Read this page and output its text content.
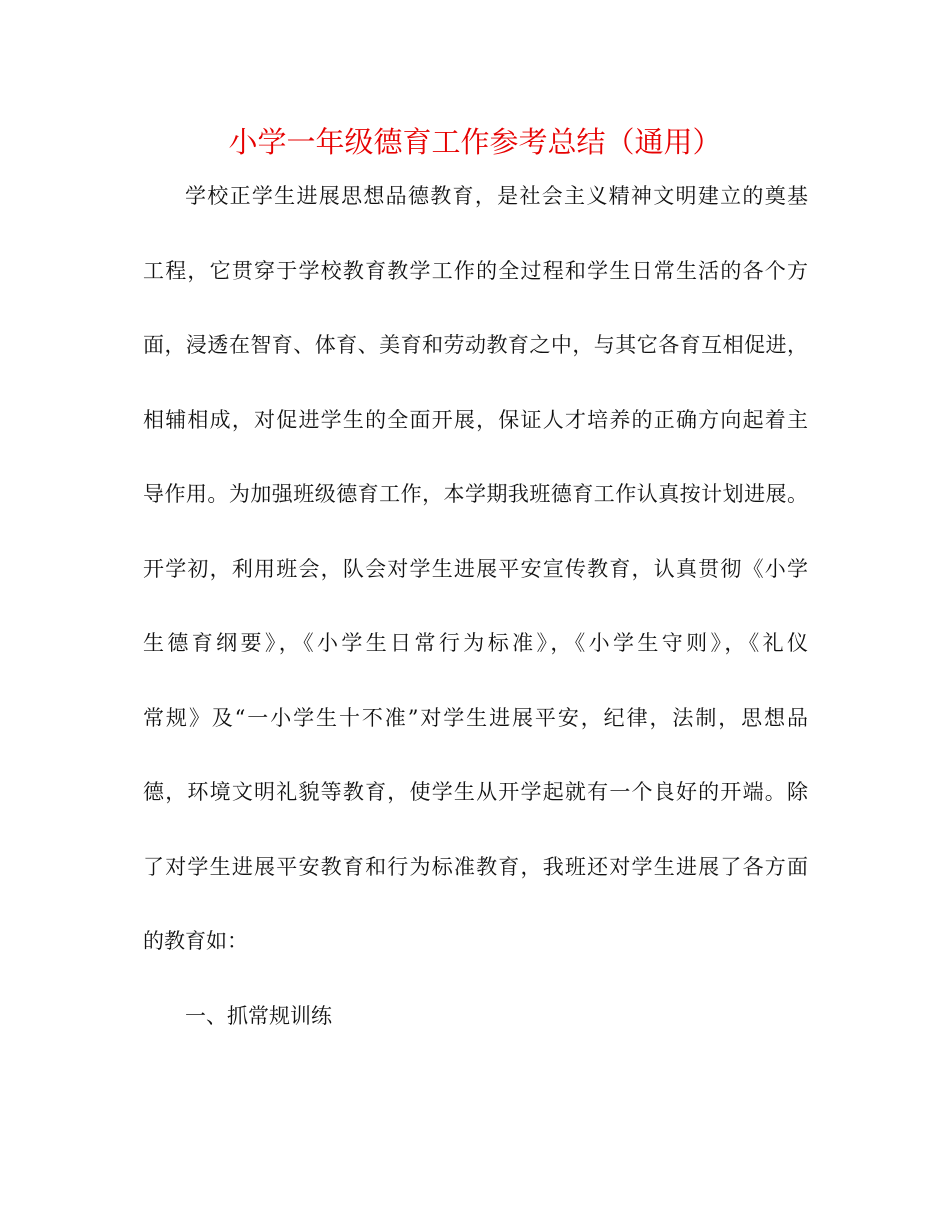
小学一年级德育工作参考总结（通用）
学校正学生进展思想品德教育，是社会主义精神文明建立的奠基
工程，它贯穿于学校教育教学工作的全过程和学生日常生活的各个方
面，浸透在智育、体育、美育和劳动教育之中，与其它各育互相促进，
相辅相成，对促进学生的全面开展，保证人才培养的正确方向起着主
导作用。为加强班级德育工作，本学期我班德育工作认真按计划进展。
开学初，利用班会，队会对学生进展平安宣传教育，认真贯彻《小学
生德育纲要》，《小学生日常行为标准》，《小学生守则》，《礼仪
常规》及“一小学生十不准”对学生进展平安，纪律，法制，思想品
德，环境文明礼貌等教育，使学生从开学起就有一个良好的开端。除
了对学生进展平安教育和行为标准教育，我班还对学生进展了各方面
的教育如：
一、抓常规训练
